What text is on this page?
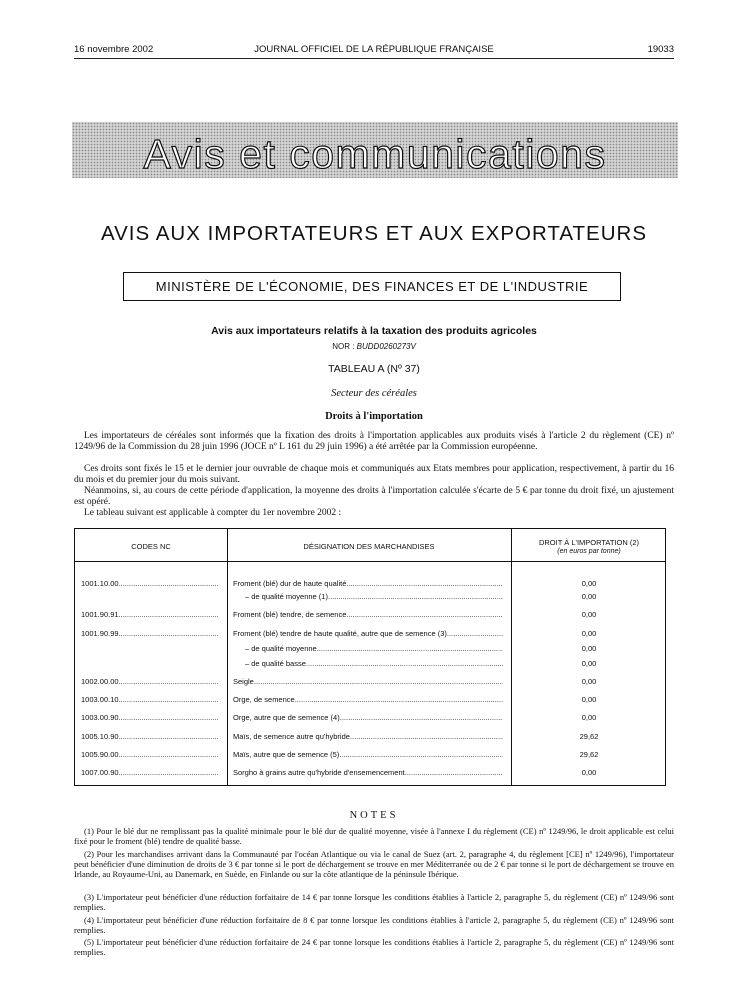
16 novembre 2002	JOURNAL OFFICIEL DE LA RÉPUBLIQUE FRANÇAISE	19033
Avis et communications
AVIS AUX IMPORTATEURS ET AUX EXPORTATEURS
MINISTÈRE DE L'ÉCONOMIE, DES FINANCES ET DE L'INDUSTRIE
Avis aux importateurs relatifs à la taxation des produits agricoles
NOR : BUDD0260273V
TABLEAU A (Nº 37)
Secteur des céréales
Droits à l'importation

Les importateurs de céréales sont informés que la fixation des droits à l'importation applicables aux produits visés à l'article 2 du règlement (CE) nº 1249/96 de la Commission du 28 juin 1996 (JOCE nº L 161 du 29 juin 1996) a été arrêtée par la Commission européenne.

Ces droits sont fixés le 15 et le dernier jour ouvrable de chaque mois et communiqués aux Etats membres pour application, respectivement, à partir du 16 du mois et du premier jour du mois suivant.

Néanmoins, si, au cours de cette période d'application, la moyenne des droits à l'importation calculée s'écarte de 5 € par tonne du droit fixé, un ajustement est opéré.

Le tableau suivant est applicable à compter du 1er novembre 2002 :

CODES NC	DÉSIGNATION DES MARCHANDISES	DROIT À L'IMPORTATION (2)
(en euros par tonne)
1001.10.00 .....	Froment (blé) dur de haute qualité .....	0,00
– de qualité moyenne (1) .....	0,00
1001.90.91 .....	Froment (blé) tendre, de semence .....	0,00
1001.90.99 .....	Froment (blé) tendre de haute qualité, autre que de semence (3) .....	0,00
– de qualité moyenne .....	0,00
– de qualité basse .....	0,00
1002.00.00 .....	Seigle .....	0,00
1003.00.10 .....	Orge, de semence .....	0,00
1003.00.90 .....	Orge, autre que de semence (4) .....	0,00
1005.10.90 .....	Maïs, de semence autre qu'hybride .....	29,62
1005.90.00 .....	Maïs, autre que de semence (5) .....	29,62
1007.00.90 .....	Sorgho à grains autre qu'hybride d'ensemencement .....	0,00
NOTES

(1) Pour le blé dur ne remplissant pas la qualité minimale pour le blé dur de qualité moyenne, visée à l'annexe I du règlement (CE) nº 1249/96, le droit applicable est celui fixé pour le froment (blé) tendre de qualité basse.

(2) Pour les marchandises arrivant dans la Communauté par l'océan Atlantique ou via le canal de Suez (art. 2, paragraphe 4, du règlement [CE] nº 1249/96), l'importateur peut bénéficier d'une diminution de droits de 3 € par tonne si le port de déchargement se trouve en mer Méditerranée ou de 2 € par tonne si le port de déchargement se trouve en Irlande, au Royaume-Uni, au Danemark, en Suède, en Finlande ou sur la côte atlantique de la péninsule Ibérique.

(3) L'importateur peut bénéficier d'une réduction forfaitaire de 14 € par tonne lorsque les conditions établies à l'article 2, paragraphe 5, du règlement (CE) nº 1249/96 sont remplies.

(4) L'importateur peut bénéficier d'une réduction forfaitaire de 8 € par tonne lorsque les conditions établies à l'article 2, paragraphe 5, du règlement (CE) nº 1249/96 sont remplies.

(5) L'importateur peut bénéficier d'une réduction forfaitaire de 24 € par tonne lorsque les conditions établies à l'article 2, paragraphe 5, du règlement (CE) nº 1249/96 sont remplies.
